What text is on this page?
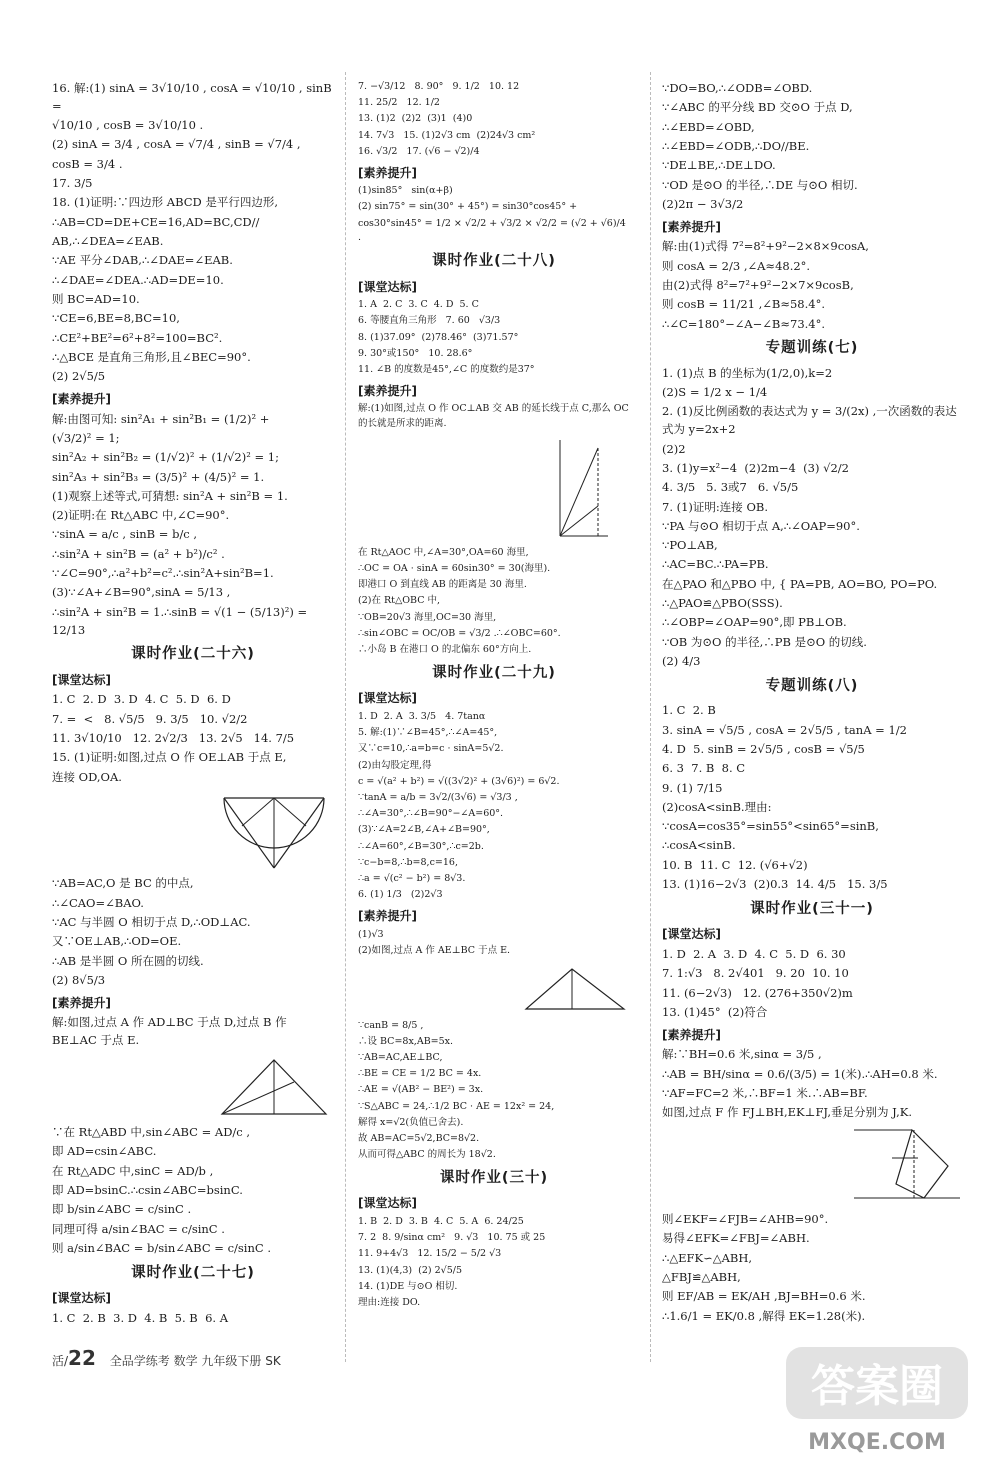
16. 解:(1) sinA = 3√10/10 , cosA = √10/10 , sinB =
√10/10 , cosB = 3√10/10 .
(2) sinA = 3/4 , cosA = √7/4 , sinB = √7/4 ,
cosB = 3/4 .
17. 3/5
18. (1)证明:∵四边形 ABCD 是平行四边形,
∴AB=CD=DE+CE=16,AD=BC,CD//
AB,∴∠DEA=∠EAB.
∵AE 平分∠DAB,∴∠DAE=∠EAB.
∴∠DAE=∠DEA.∴AD=DE=10.
则 BC=AD=10.
∵CE=6,BE=8,BC=10,
∴CE²+BE²=6²+8²=100=BC².
∴△BCE 是直角三角形,且∠BEC=90°.
(2) 2√5/5
[素养提升]
解:由图可知: sin²A₁ + sin²B₁ = (1/2)² +
(√3/2)² = 1;
sin²A₂ + sin²B₂ = (1/√2)² + (1/√2)² = 1;
sin²A₃ + sin²B₃ = (3/5)² + (4/5)² = 1.
(1)观察上述等式,可猜想: sin²A + sin²B = 1.
(2)证明:在 Rt△ABC 中,∠C=90°.
∵sinA = a/c , sinB = b/c ,
∴sin²A + sin²B = (a² + b²)/c² .
∵∠C=90°,∴a²+b²=c².∴sin²A+sin²B=1.
(3)∵∠A+∠B=90°,sinA = 5/13 ,
∴sin²A + sin²B = 1.∴sinB = √(1 − (5/13)²) = 12/13
课时作业(二十六)
[课堂达标]
1. C  2. D  3. D  4. C  5. D  6. D
7. =  <   8. √5/5   9. 3/5   10. √2/2
11. 3√10/10   12. 2√2/3   13. 2√5   14. 7/5
15. (1)证明:如图,过点 O 作 OE⊥AB 于点 E,
连接 OD,OA.
∵AB=AC,O 是 BC 的中点,
∴∠CAO=∠BAO.
∵AC 与半圆 O 相切于点 D,∴OD⊥AC.
又∵OE⊥AB,∴OD=OE.
∴AB 是半圆 O 所在圆的切线.
(2) 8√5/3
[素养提升]
解:如图,过点 A 作 AD⊥BC 于点 D,过点 B 作 BE⊥AC 于点 E.
∵在 Rt△ABD 中,sin∠ABC = AD/c ,
即 AD=csin∠ABC.
在 Rt△ADC 中,sinC = AD/b ,
即 AD=bsinC.∴csin∠ABC=bsinC.
即 b/sin∠ABC = c/sinC .
同理可得 a/sin∠BAC = c/sinC .
则 a/sin∠BAC = b/sin∠ABC = c/sinC .
课时作业(二十七)
[课堂达标]
1. C  2. B  3. D  4. B  5. B  6. A
7. −√3/12   8. 90°   9. 1/2   10. 12
11. 25/2   12. 1/2
13. (1)2  (2)2  (3)1  (4)0
14. 7√3   15. (1)2√3 cm  (2)24√3 cm²
16. √3/2   17. (√6 − √2)/4
[素养提升]
(1)sin85°   sin(α+β)
(2) sin75° = sin(30° + 45°) = sin30°cos45° +
cos30°sin45° = 1/2 × √2/2 + √3/2 × √2/2 = (√2 + √6)/4 .
课时作业(二十八)
[课堂达标]
1. A  2. C  3. C  4. D  5. C
6. 等腰直角三角形   7. 60   √3/3
8. (1)37.09°  (2)78.46°  (3)71.57°
9. 30°或150°   10. 28.6°
11. ∠B 的度数是45°,∠C 的度数约是37°
[素养提升]
解:(1)如图,过点 O 作 OC⊥AB 交 AB 的延长线于点 C,那么 OC 的长就是所求的距离.
在 Rt△AOC 中,∠A=30°,OA=60 海里,
∴OC = OA · sinA = 60sin30° = 30(海里).
即港口 O 到直线 AB 的距离是 30 海里.
(2)在 Rt△OBC 中,
∵OB=20√3 海里,OC=30 海里,
∴sin∠OBC = OC/OB = √3/2 .∴∠OBC=60°.
∴小岛 B 在港口 O 的北偏东 60°方向上.
课时作业(二十九)
[课堂达标]
1. D  2. A  3. 3/5   4. 7tanα
5. 解:(1)∵∠B=45°,∴∠A=45°,
又∵c=10,∴a=b=c · sinA=5√2.
(2)由勾股定理,得
c = √(a² + b²) = √((3√2)² + (3√6)²) = 6√2.
∵tanA = a/b = 3√2/(3√6) = √3/3 ,
∴∠A=30°,∴∠B=90°−∠A=60°.
(3)∵∠A=2∠B,∠A+∠B=90°,
∴∠A=60°,∠B=30°,∴c=2b.
∵c−b=8,∴b=8,c=16,
∴a = √(c² − b²) = 8√3.
6. (1) 1/3   (2)2√3
[素养提升]
(1)√3
(2)如图,过点 A 作 AE⊥BC 于点 E.
∵canB = 8/5 ,
∴设 BC=8x,AB=5x.
∵AB=AC,AE⊥BC,
∴BE = CE = 1/2 BC = 4x.
∴AE = √(AB² − BE²) = 3x.
∵S△ABC = 24,∴1/2 BC · AE = 12x² = 24,
解得 x=√2(负值已舍去).
故 AB=AC=5√2,BC=8√2.
从而可得△ABC 的周长为 18√2.
课时作业(三十)
[课堂达标]
1. B  2. D  3. B  4. C  5. A  6. 24/25
7. 2  8. 9/sinα cm²   9. √3   10. 75 或 25
11. 9+4√3   12. 15/2 − 5/2 √3
13. (1)(4,3)  (2) 2√5/5
14. (1)DE 与⊙O 相切.
理由:连接 DO.
∵DO=BO,∴∠ODB=∠OBD.
∵∠ABC 的平分线 BD 交⊙O 于点 D,
∴∠EBD=∠OBD,
∴∠EBD=∠ODB,∴DO//BE.
∵DE⊥BE,∴DE⊥DO.
∵OD 是⊙O 的半径,∴DE 与⊙O 相切.
(2)2π − 3√3/2
[素养提升]
解:由(1)式得 7²=8²+9²−2×8×9cosA,
则 cosA = 2/3 ,∠A≈48.2°.
由(2)式得 8²=7²+9²−2×7×9cosB,
则 cosB = 11/21 ,∠B≈58.4°.
∴∠C=180°−∠A−∠B≈73.4°.
专题训练(七)
1. (1)点 B 的坐标为(1/2,0),k=2
(2)S = 1/2 x − 1/4
2. (1)反比例函数的表达式为 y = 3/(2x) ,一次函数的表达式为 y=2x+2
(2)2
3. (1)y=x²−4  (2)2m−4  (3) √2/2
4. 3/5   5. 3或7   6. √5/5
7. (1)证明:连接 OB.
∵PA 与⊙O 相切于点 A,∴∠OAP=90°.
∵PO⊥AB,
∴AC=BC.∴PA=PB.
在△PAO 和△PBO 中, { PA=PB, AO=BO, PO=PO.
∴△PAO≌△PBO(SSS).
∴∠OBP=∠OAP=90°,即 PB⊥OB.
∵OB 为⊙O 的半径,∴PB 是⊙O 的切线.
(2) 4/3
专题训练(八)
1. C  2. B
3. sinA = √5/5 , cosA = 2√5/5 , tanA = 1/2
4. D  5. sinB = 2√5/5 , cosB = √5/5
6. 3  7. B  8. C
9. (1) 7/15
(2)cosA<sinB.理由:
∵cosA=cos35°=sin55°<sin65°=sinB,
∴cosA<sinB.
10. B  11. C  12. (√6+√2)
13. (1)16−2√3  (2)0.3  14. 4/5   15. 3/5
课时作业(三十一)
[课堂达标]
1. D  2. A  3. D  4. C  5. D  6. 30
7. 1:√3   8. 2√401   9. 20  10. 10
11. (6−2√3)   12. (276+350√2)m
13. (1)45°  (2)符合
[素养提升]
解:∵BH=0.6 米,sinα = 3/5 ,
∴AB = BH/sinα = 0.6/(3/5) = 1(米).∴AH=0.8 米.
∵AF=FC=2 米,∴BF=1 米.∴AB=BF.
如图,过点 F 作 FJ⊥BH,EK⊥FJ,垂足分别为 J,K.
则∠EKF=∠FJB=∠AHB=90°.
易得∠EFK=∠FBJ=∠ABH.
∴△EFK∽△ABH,
△FBJ≌△ABH,
则 EF/AB = EK/AH ,BJ=BH=0.6 米.
∴1.6/1 = EK/0.8 ,解得 EK=1.28(米).
活/22 全品学练考 数学 九年级下册 SK	答案圈
MXQE.COM
